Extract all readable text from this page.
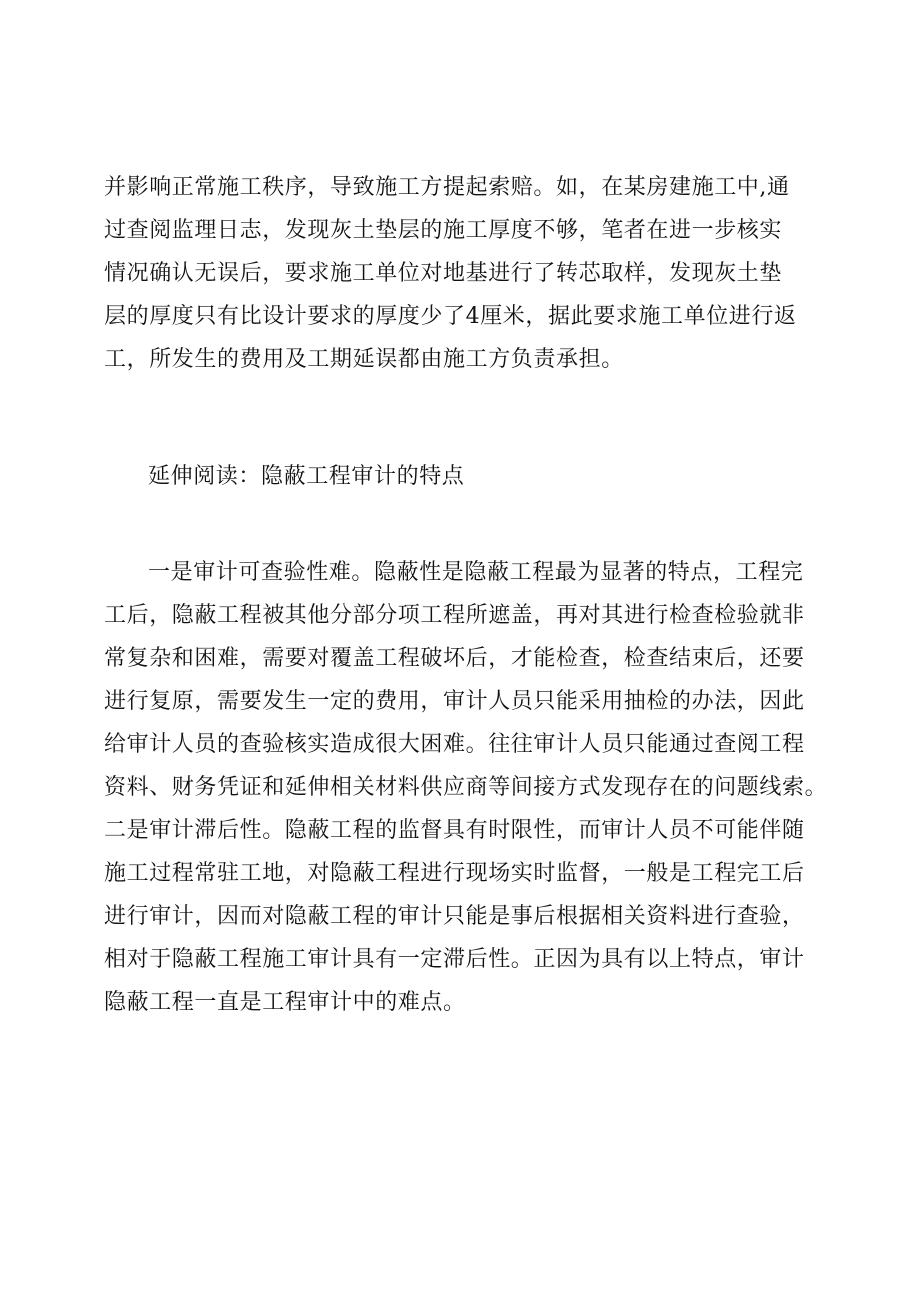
并影响正常施工秩序，导致施工方提起索赔。如，在某房建施工中,通
过查阅监理日志，发现灰土垫层的施工厚度不够，笔者在进一步核实
情况确认无误后，要求施工单位对地基进行了转芯取样，发现灰土垫
层的厚度只有比设计要求的厚度少了4厘米，据此要求施工单位进行返
工，所发生的费用及工期延误都由施工方负责承担。
延伸阅读：隐蔽工程审计的特点
一是审计可查验性难。隐蔽性是隐蔽工程最为显著的特点，工程完
工后，隐蔽工程被其他分部分项工程所遮盖，再对其进行检查检验就非
常复杂和困难，需要对覆盖工程破坏后，才能检查，检查结束后，还要
进行复原，需要发生一定的费用，审计人员只能采用抽检的办法，因此
给审计人员的查验核实造成很大困难。往往审计人员只能通过查阅工程
资料、财务凭证和延伸相关材料供应商等间接方式发现存在的问题线索。
二是审计滞后性。隐蔽工程的监督具有时限性，而审计人员不可能伴随
施工过程常驻工地，对隐蔽工程进行现场实时监督，一般是工程完工后
进行审计，因而对隐蔽工程的审计只能是事后根据相关资料进行查验，
相对于隐蔽工程施工审计具有一定滞后性。正因为具有以上特点，审计
隐蔽工程一直是工程审计中的难点。
